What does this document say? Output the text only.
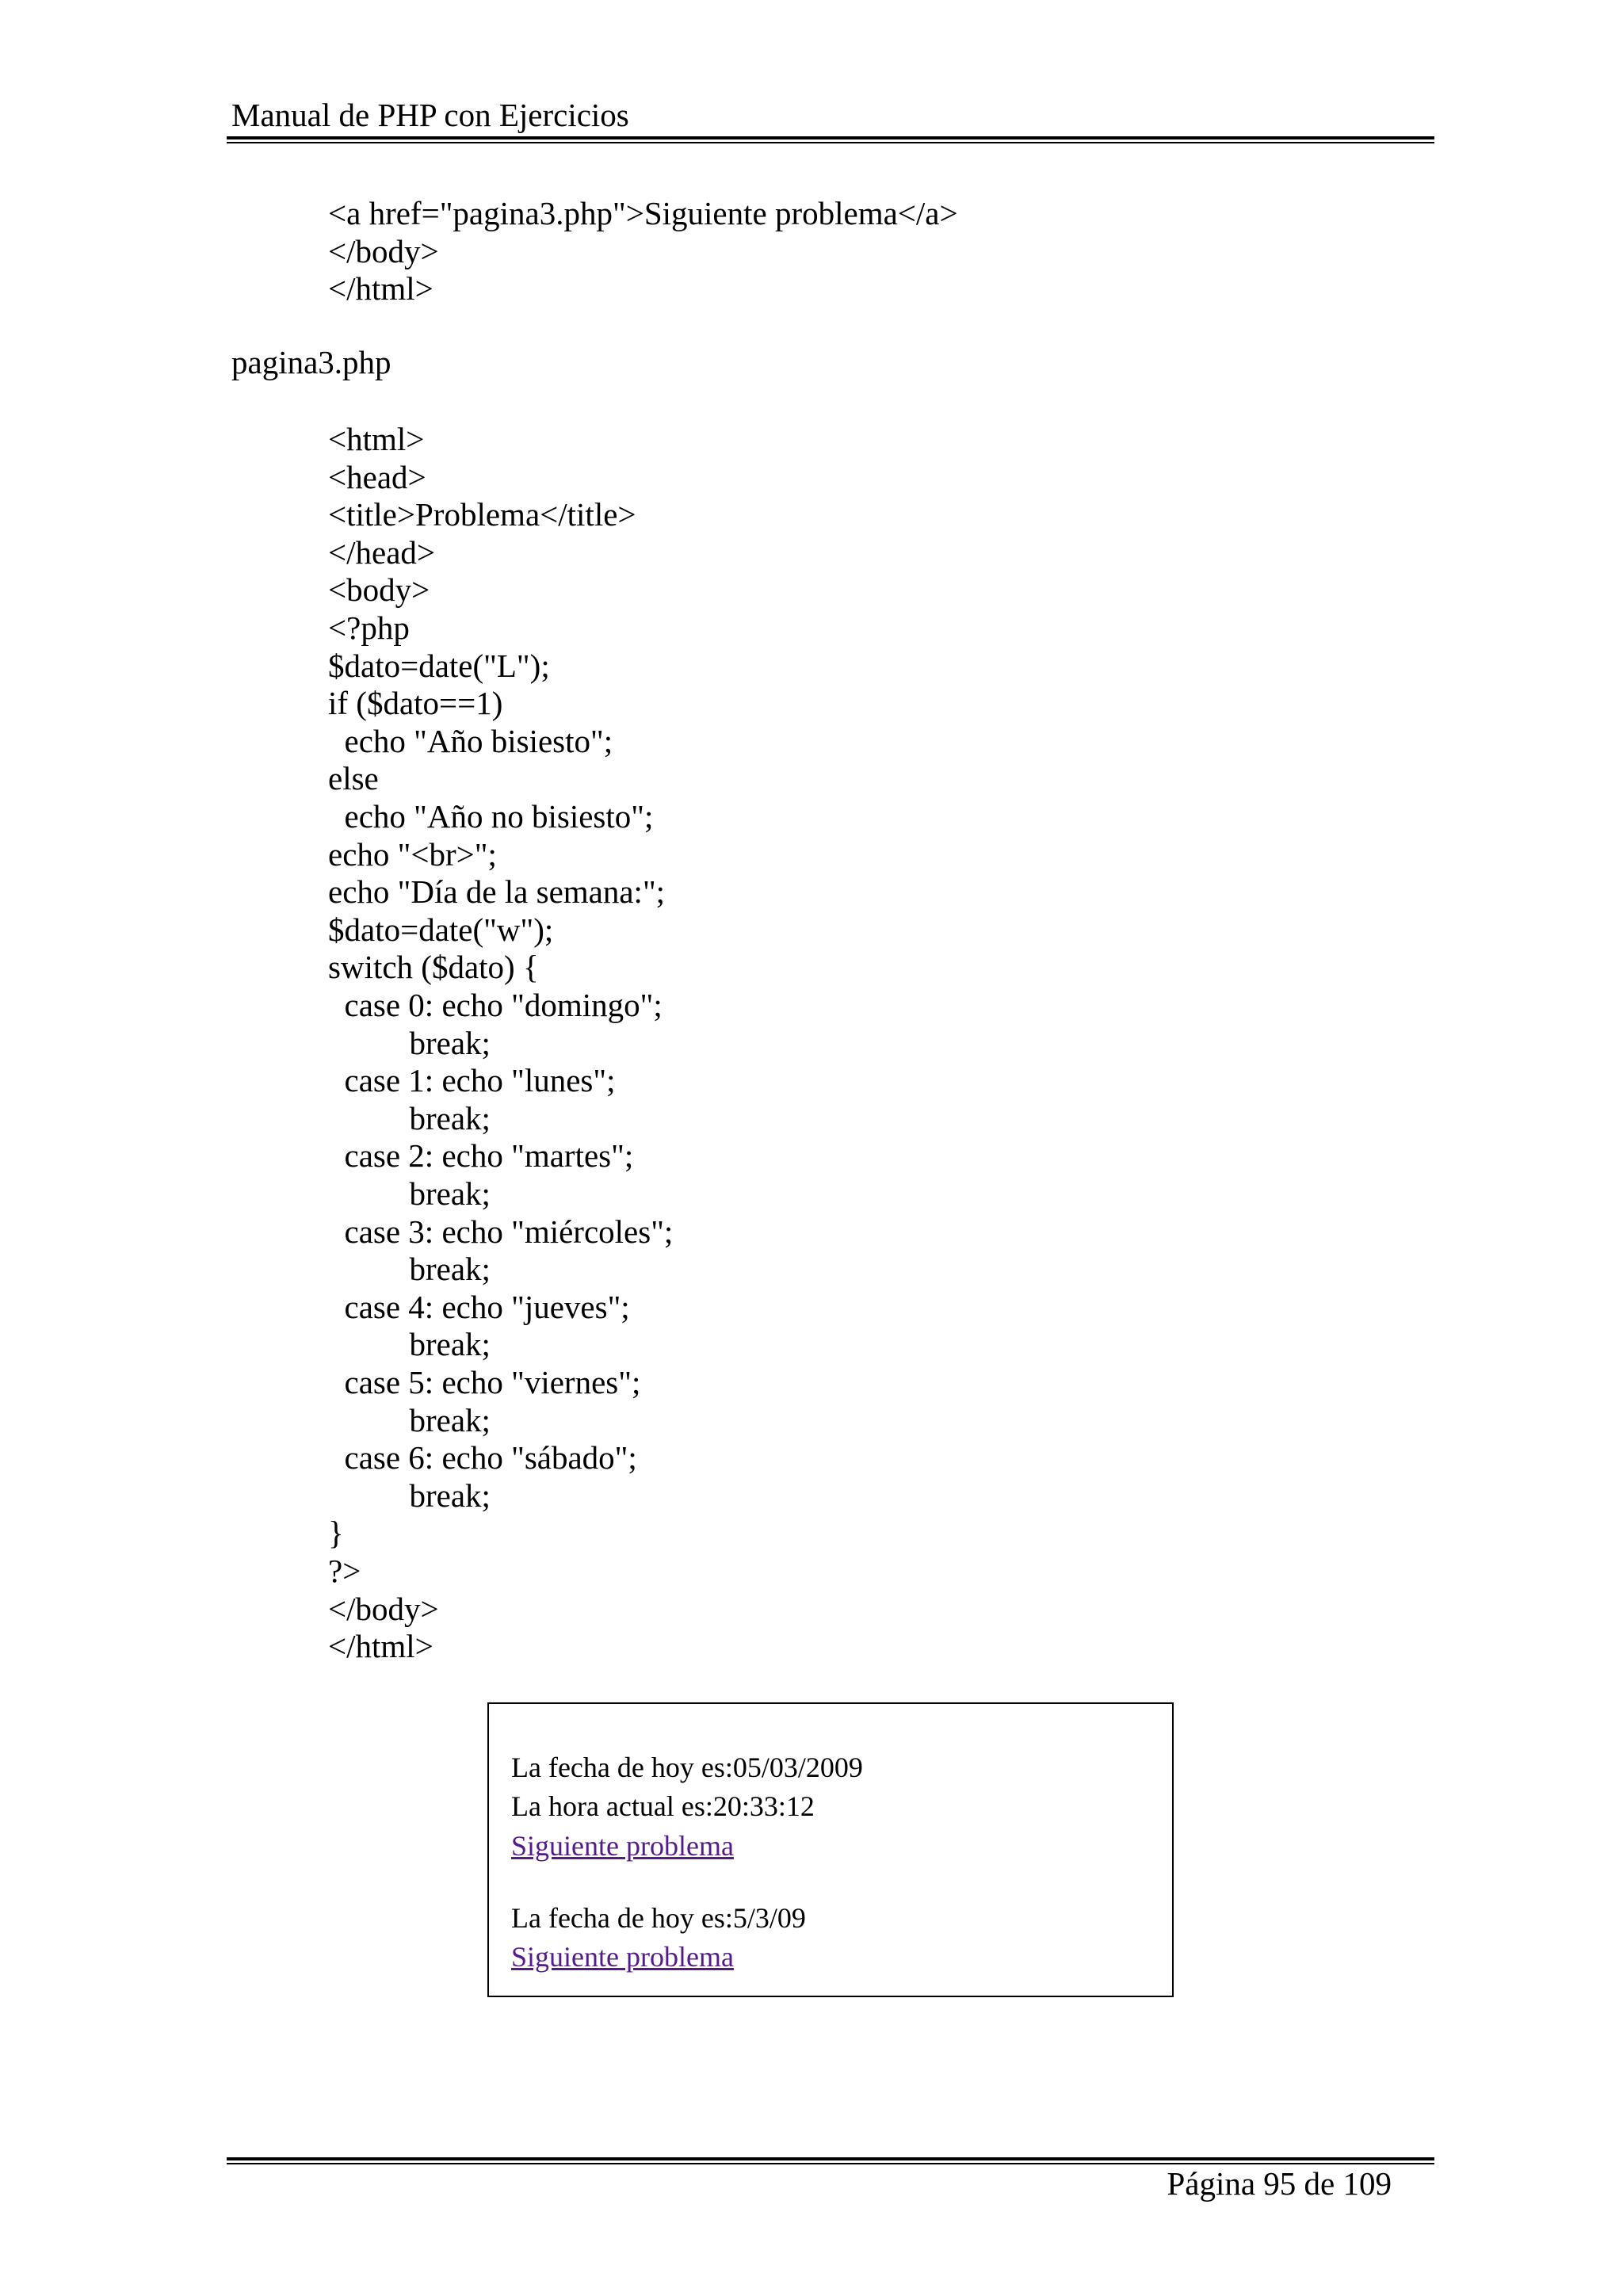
Manual de PHP con Ejercicios
<a href="pagina3.php">Siguiente problema</a>
</body>
</html>
pagina3.php
<html>
<head>
<title>Problema</title>
</head>
<body>
<?php
$dato=date("L");
if ($dato==1)
echo "Año bisiesto";
else
echo "Año no bisiesto";
echo "<br>";
echo "Día de la semana:";
$dato=date("w");
switch ($dato) {
case 0: echo "domingo";
break;
case 1: echo "lunes";
break;
case 2: echo "martes";
break;
case 3: echo "miércoles";
break;
case 4: echo "jueves";
break;
case 5: echo "viernes";
break;
case 6: echo "sábado";
break;
}
?>
</body>
</html>
La fecha de hoy es:05/03/2009
La hora actual es:20:33:12
Siguiente problema
La fecha de hoy es:5/3/09
Siguiente problema
Página 95 de 109
